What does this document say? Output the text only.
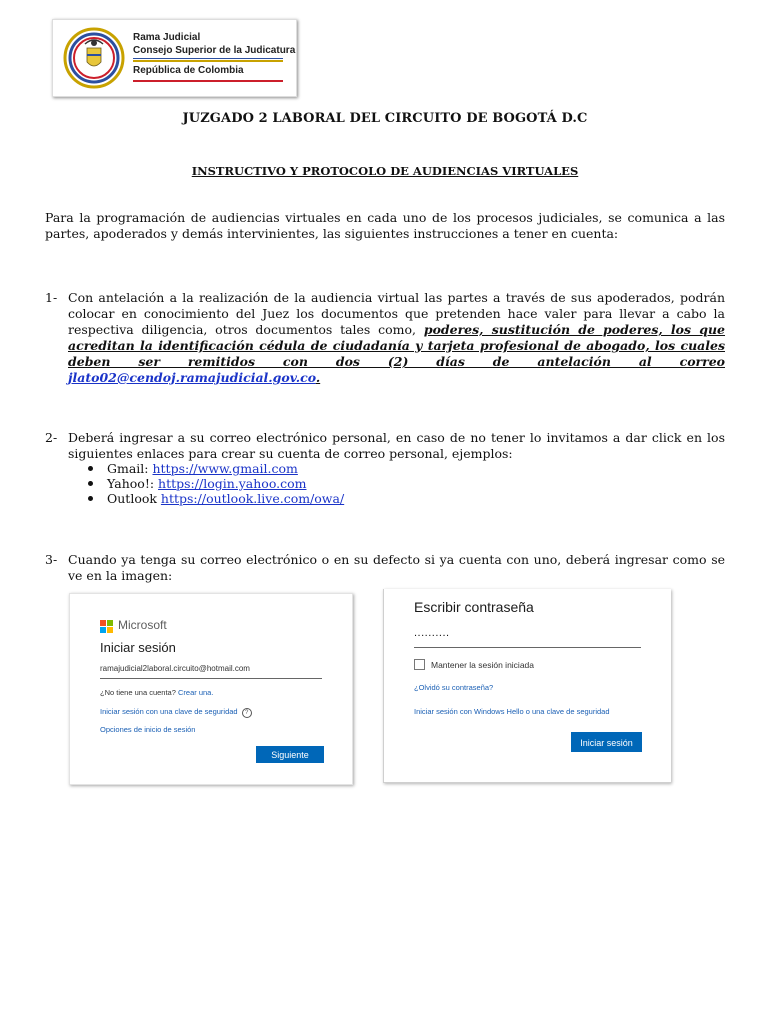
Rama Judicial
Consejo Superior de la Judicatura
República de Colombia
JUZGADO 2 LABORAL DEL CIRCUITO DE BOGOTÁ D.C
INSTRUCTIVO Y PROTOCOLO DE AUDIENCIAS VIRTUALES
Para la programación de audiencias virtuales en cada uno de los procesos judiciales, se comunica a las partes, apoderados y demás intervinientes, las siguientes instrucciones a tener en cuenta:
1- Con antelación a la realización de la audiencia virtual las partes a través de sus apoderados, podrán colocar en conocimiento del Juez los documentos que pretenden hace valer para llevar a cabo la respectiva diligencia, otros documentos tales como, poderes, sustitución de poderes, los que acreditan la identificación cédula de ciudadanía y tarjeta profesional de abogado, los cuales deben ser remitidos con dos (2) días de antelación al correo jlato02@cendoj.ramajudicial.gov.co.
2- Deberá ingresar a su correo electrónico personal, en caso de no tener lo invitamos a dar click en los siguientes enlaces para crear su cuenta de correo personal, ejemplos:
Gmail: https://www.gmail.com
Yahoo!: https://login.yahoo.com
Outlook https://outlook.live.com/owa/
3- Cuando ya tenga su correo electrónico o en su defecto si ya cuenta con uno, deberá ingresar como se ve en la imagen:
Microsoft
Iniciar sesión
ramajudicial2laboral.circuito@hotmail.com
¿No tiene una cuenta? Crear una.
Iniciar sesión con una clave de seguridad ?
Opciones de inicio de sesión
Siguiente
Escribir contraseña
..........
Mantener la sesión iniciada
¿Olvidó su contraseña?
Iniciar sesión con Windows Hello o una clave de seguridad
Iniciar sesión
